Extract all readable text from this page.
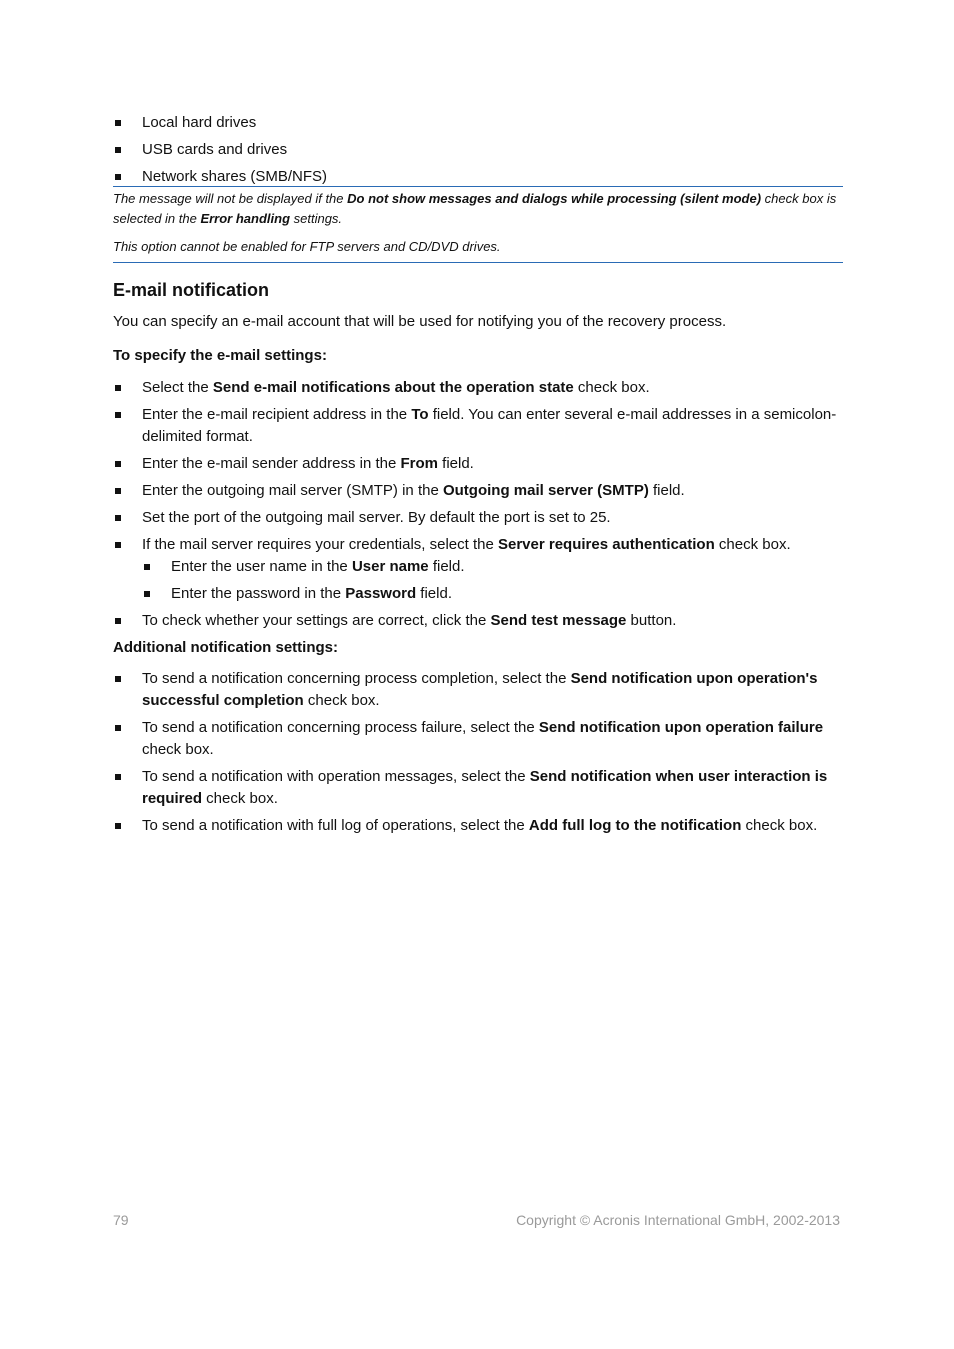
Local hard drives
USB cards and drives
Network shares (SMB/NFS)

The message will not be displayed if the Do not show messages and dialogs while processing (silent mode) check box is selected in the Error handling settings.

This option cannot be enabled for FTP servers and CD/DVD drives.

E-mail notification

You can specify an e-mail account that will be used for notifying you of the recovery process.

To specify the e-mail settings:

Select the Send e-mail notifications about the operation state check box.
Enter the e-mail recipient address in the To field. You can enter several e-mail addresses in a semicolon-delimited format.
Enter the e-mail sender address in the From field.
Enter the outgoing mail server (SMTP) in the Outgoing mail server (SMTP) field.
Set the port of the outgoing mail server. By default the port is set to 25.
If the mail server requires your credentials, select the Server requires authentication check box.
Enter the user name in the User name field.
Enter the password in the Password field.
To check whether your settings are correct, click the Send test message button.

Additional notification settings:

To send a notification concerning process completion, select the Send notification upon operation's successful completion check box.
To send a notification concerning process failure, select the Send notification upon operation failure check box.
To send a notification with operation messages, select the Send notification when user interaction is required check box.
To send a notification with full log of operations, select the Add full log to the notification check box.
79	Copyright © Acronis International GmbH, 2002-2013
